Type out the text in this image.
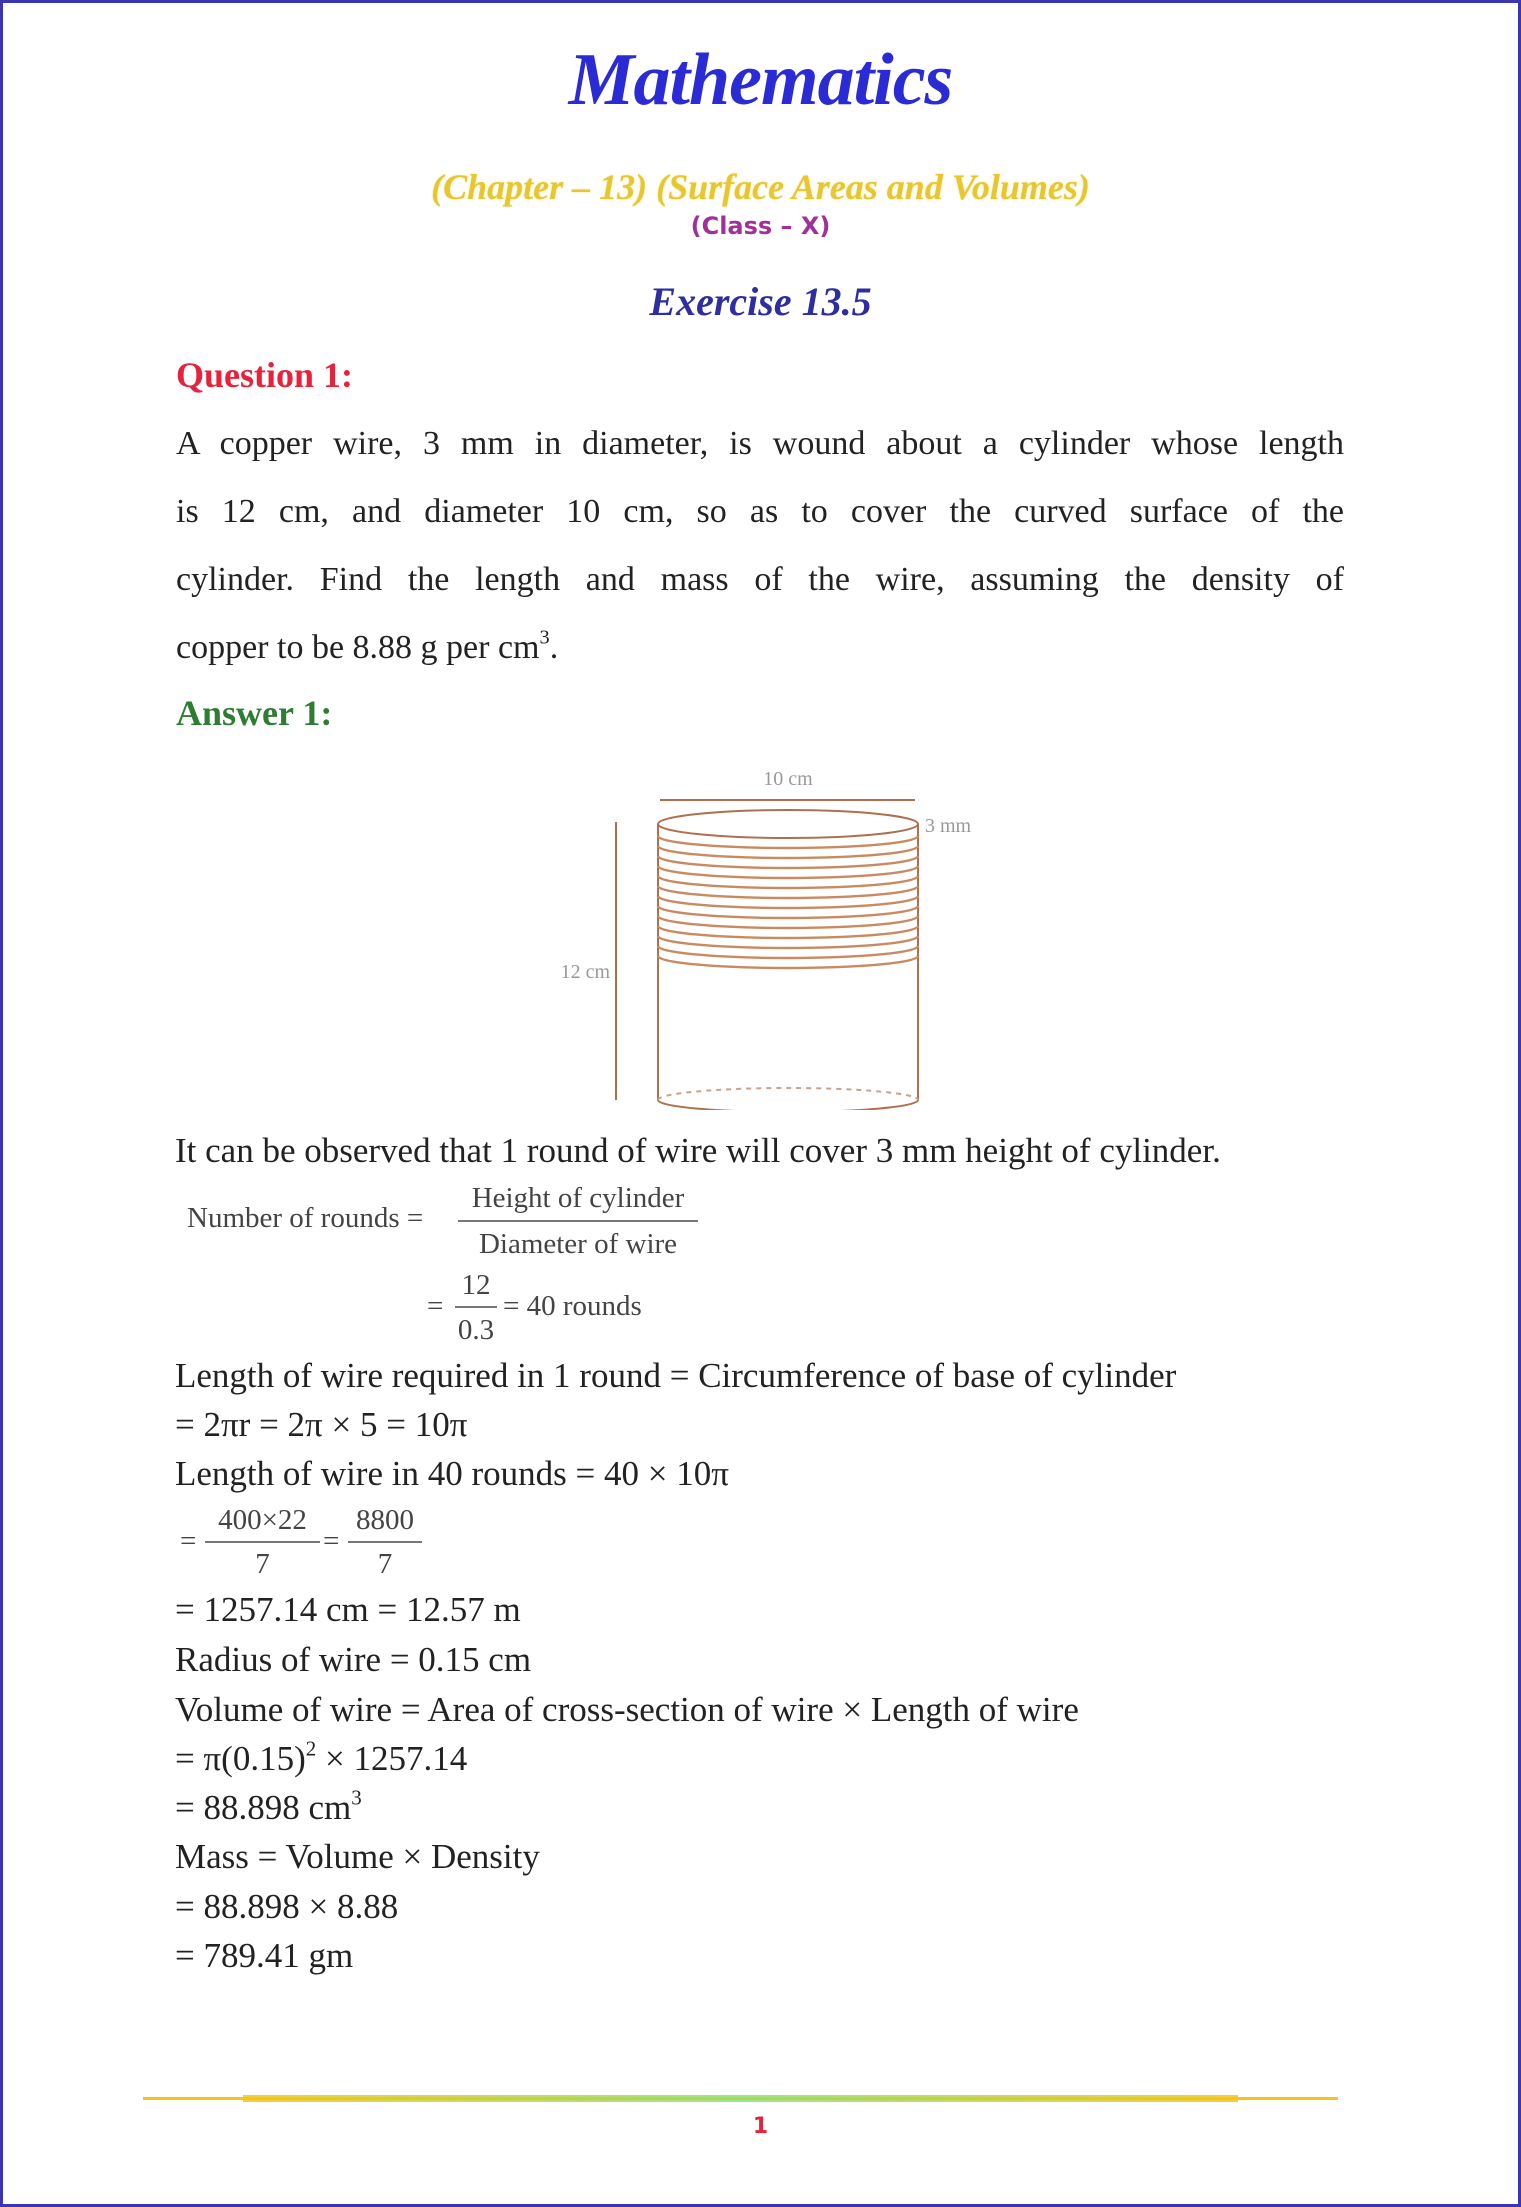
Mathematics
(Chapter – 13) (Surface Areas and Volumes)
(Class – X)
Exercise 13.5
Question 1:
A copper wire, 3 mm in diameter, is wound about a cylinder whose length
is 12 cm, and diameter 10 cm, so as to cover the curved surface of the
cylinder. Find the length and mass of the wire, assuming the density of
copper to be 8.88 g per $cm^3$.
Answer 1:
10 cm
3 mm
12 cm
It can be observed that 1 round of wire will cover 3 mm height of cylinder.
Number of rounds =
Height of cylinder
Diameter of wire
=
12
0.3
= 40 rounds
Length of wire required in 1 round = Circumference of base of cylinder
= 2πr = 2π × 5 = 10π
Length of wire in 40 rounds = 40 × 10π
=
400×22
7
=
8800
7
= 1257.14 cm = 12.57 m
Radius of wire = 0.15 cm
Volume of wire = Area of cross-section of wire × Length of wire
= $\pi(0.15)^2 \times 1257.14$
= 88.898 $cm^3$
Mass = Volume × Density
= 88.898 × 8.88
= 789.41 gm
1
